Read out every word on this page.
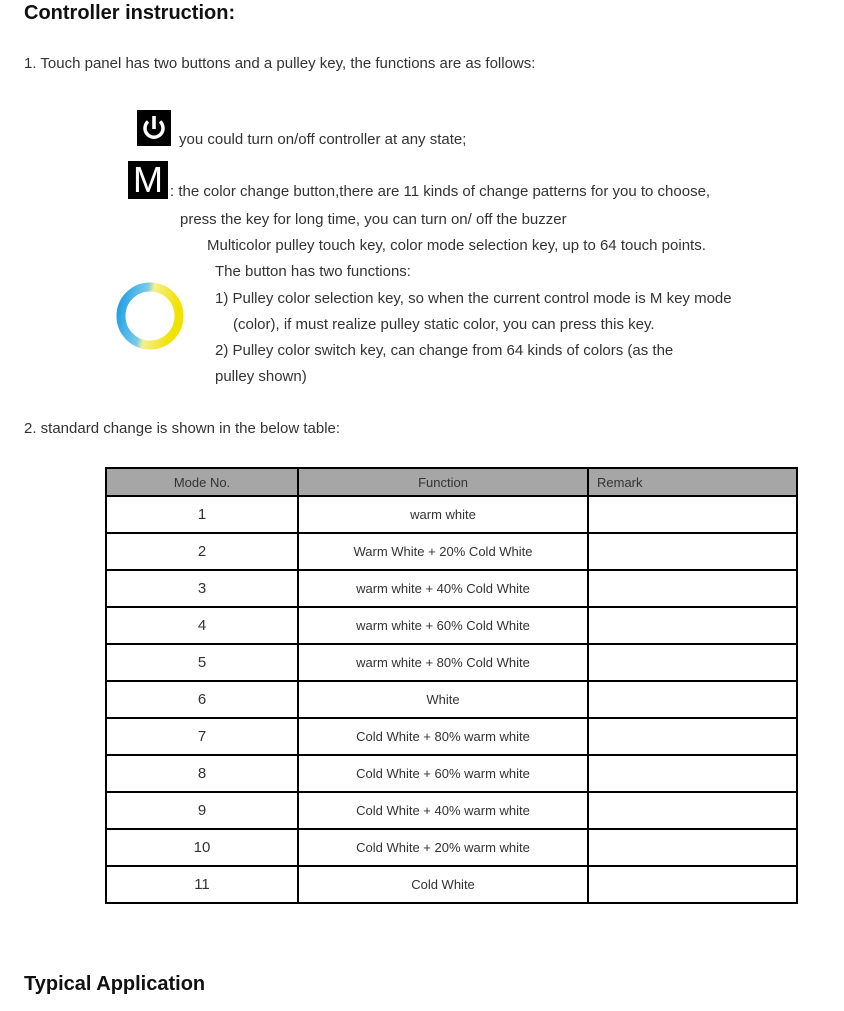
Controller instruction:
1. Touch panel has two buttons and a pulley key, the functions are as follows:
you could turn on/off controller at any state;
M : the color change button,there are 11 kinds of change patterns for you to choose,
press the key for long time, you can turn on/ off the buzzer
Multicolor pulley touch key, color mode selection key, up to 64 touch points.
The button has two functions:
1) Pulley color selection key, so when the current control mode is M key mode
(color), if must realize pulley static color, you can press this key.
2) Pulley color switch key, can change from 64 kinds of colors (as the
pulley shown)
2. standard change is shown in the below table:
Mode No.	Function	Remark
1	warm white	
2	Warm White + 20% Cold White	
3	warm white + 40% Cold White	
4	warm white + 60% Cold White	
5	warm white + 80% Cold White	
6	White	
7	Cold White + 80% warm white	
8	Cold White + 60% warm white	
9	Cold White + 40% warm white	
10	Cold White + 20% warm white	
11	Cold White	
Typical Application
